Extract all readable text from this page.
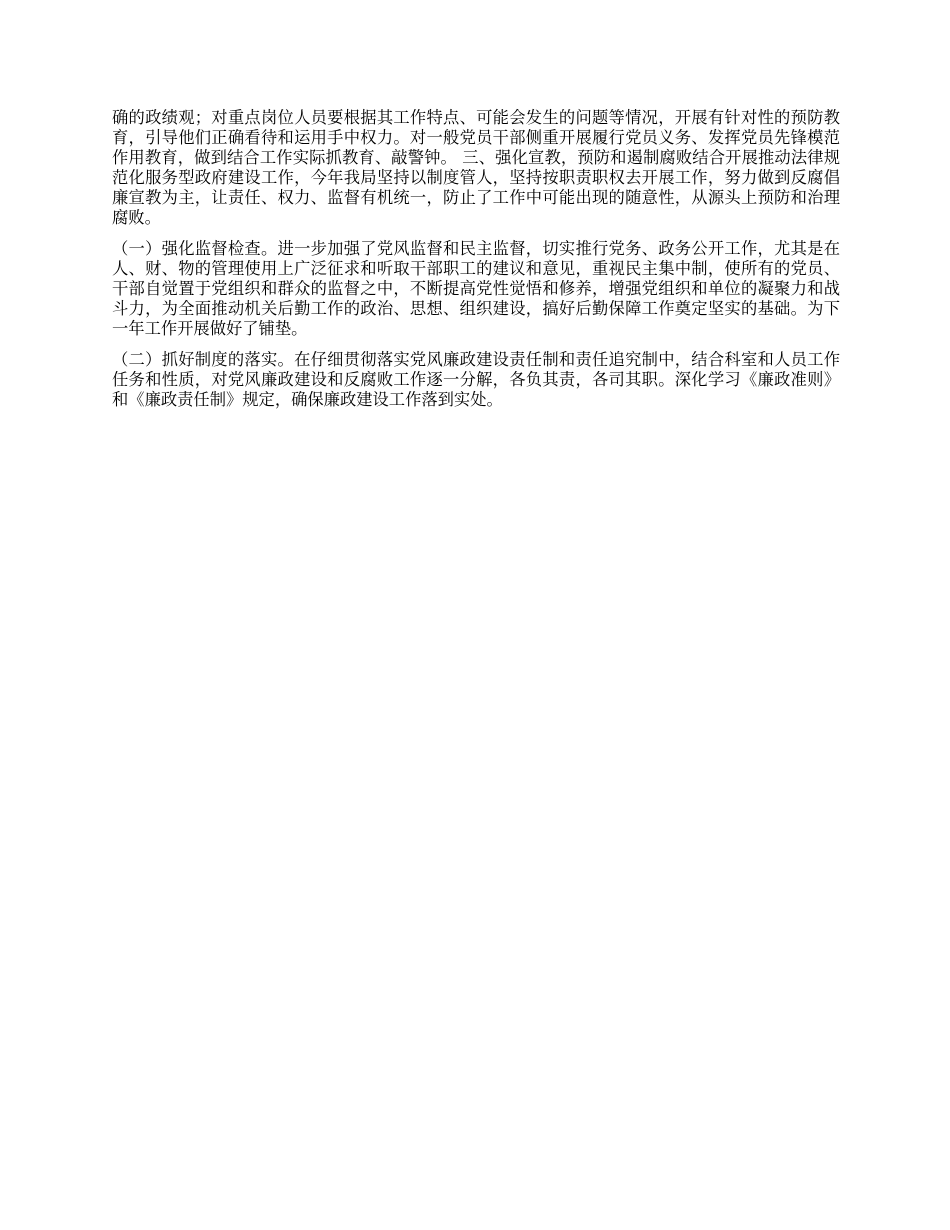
确的政绩观；对重点岗位人员要根据其工作特点、可能会发生的问题等情况，开展有针对性的预防教育，引导他们正确看待和运用手中权力。对一般党员干部侧重开展履行党员义务、发挥党员先锋模范作用教育，做到结合工作实际抓教育、敲警钟。 三、强化宣教，预防和遏制腐败结合开展推动法律规范化服务型政府建设工作，今年我局坚持以制度管人，坚持按职责职权去开展工作，努力做到反腐倡廉宣教为主，让责任、权力、监督有机统一，防止了工作中可能出现的随意性，从源头上预防和治理腐败。

（一）强化监督检查。进一步加强了党风监督和民主监督，切实推行党务、政务公开工作，尤其是在人、财、物的管理使用上广泛征求和听取干部职工的建议和意见，重视民主集中制，使所有的党员、干部自觉置于党组织和群众的监督之中，不断提高党性觉悟和修养，增强党组织和单位的凝聚力和战斗力，为全面推动机关后勤工作的政治、思想、组织建设，搞好后勤保障工作奠定坚实的基础。为下一年工作开展做好了铺垫。

（二）抓好制度的落实。在仔细贯彻落实党风廉政建设责任制和责任追究制中，结合科室和人员工作任务和性质，对党风廉政建设和反腐败工作逐一分解，各负其责，各司其职。深化学习《廉政准则》和《廉政责任制》规定，确保廉政建设工作落到实处。
